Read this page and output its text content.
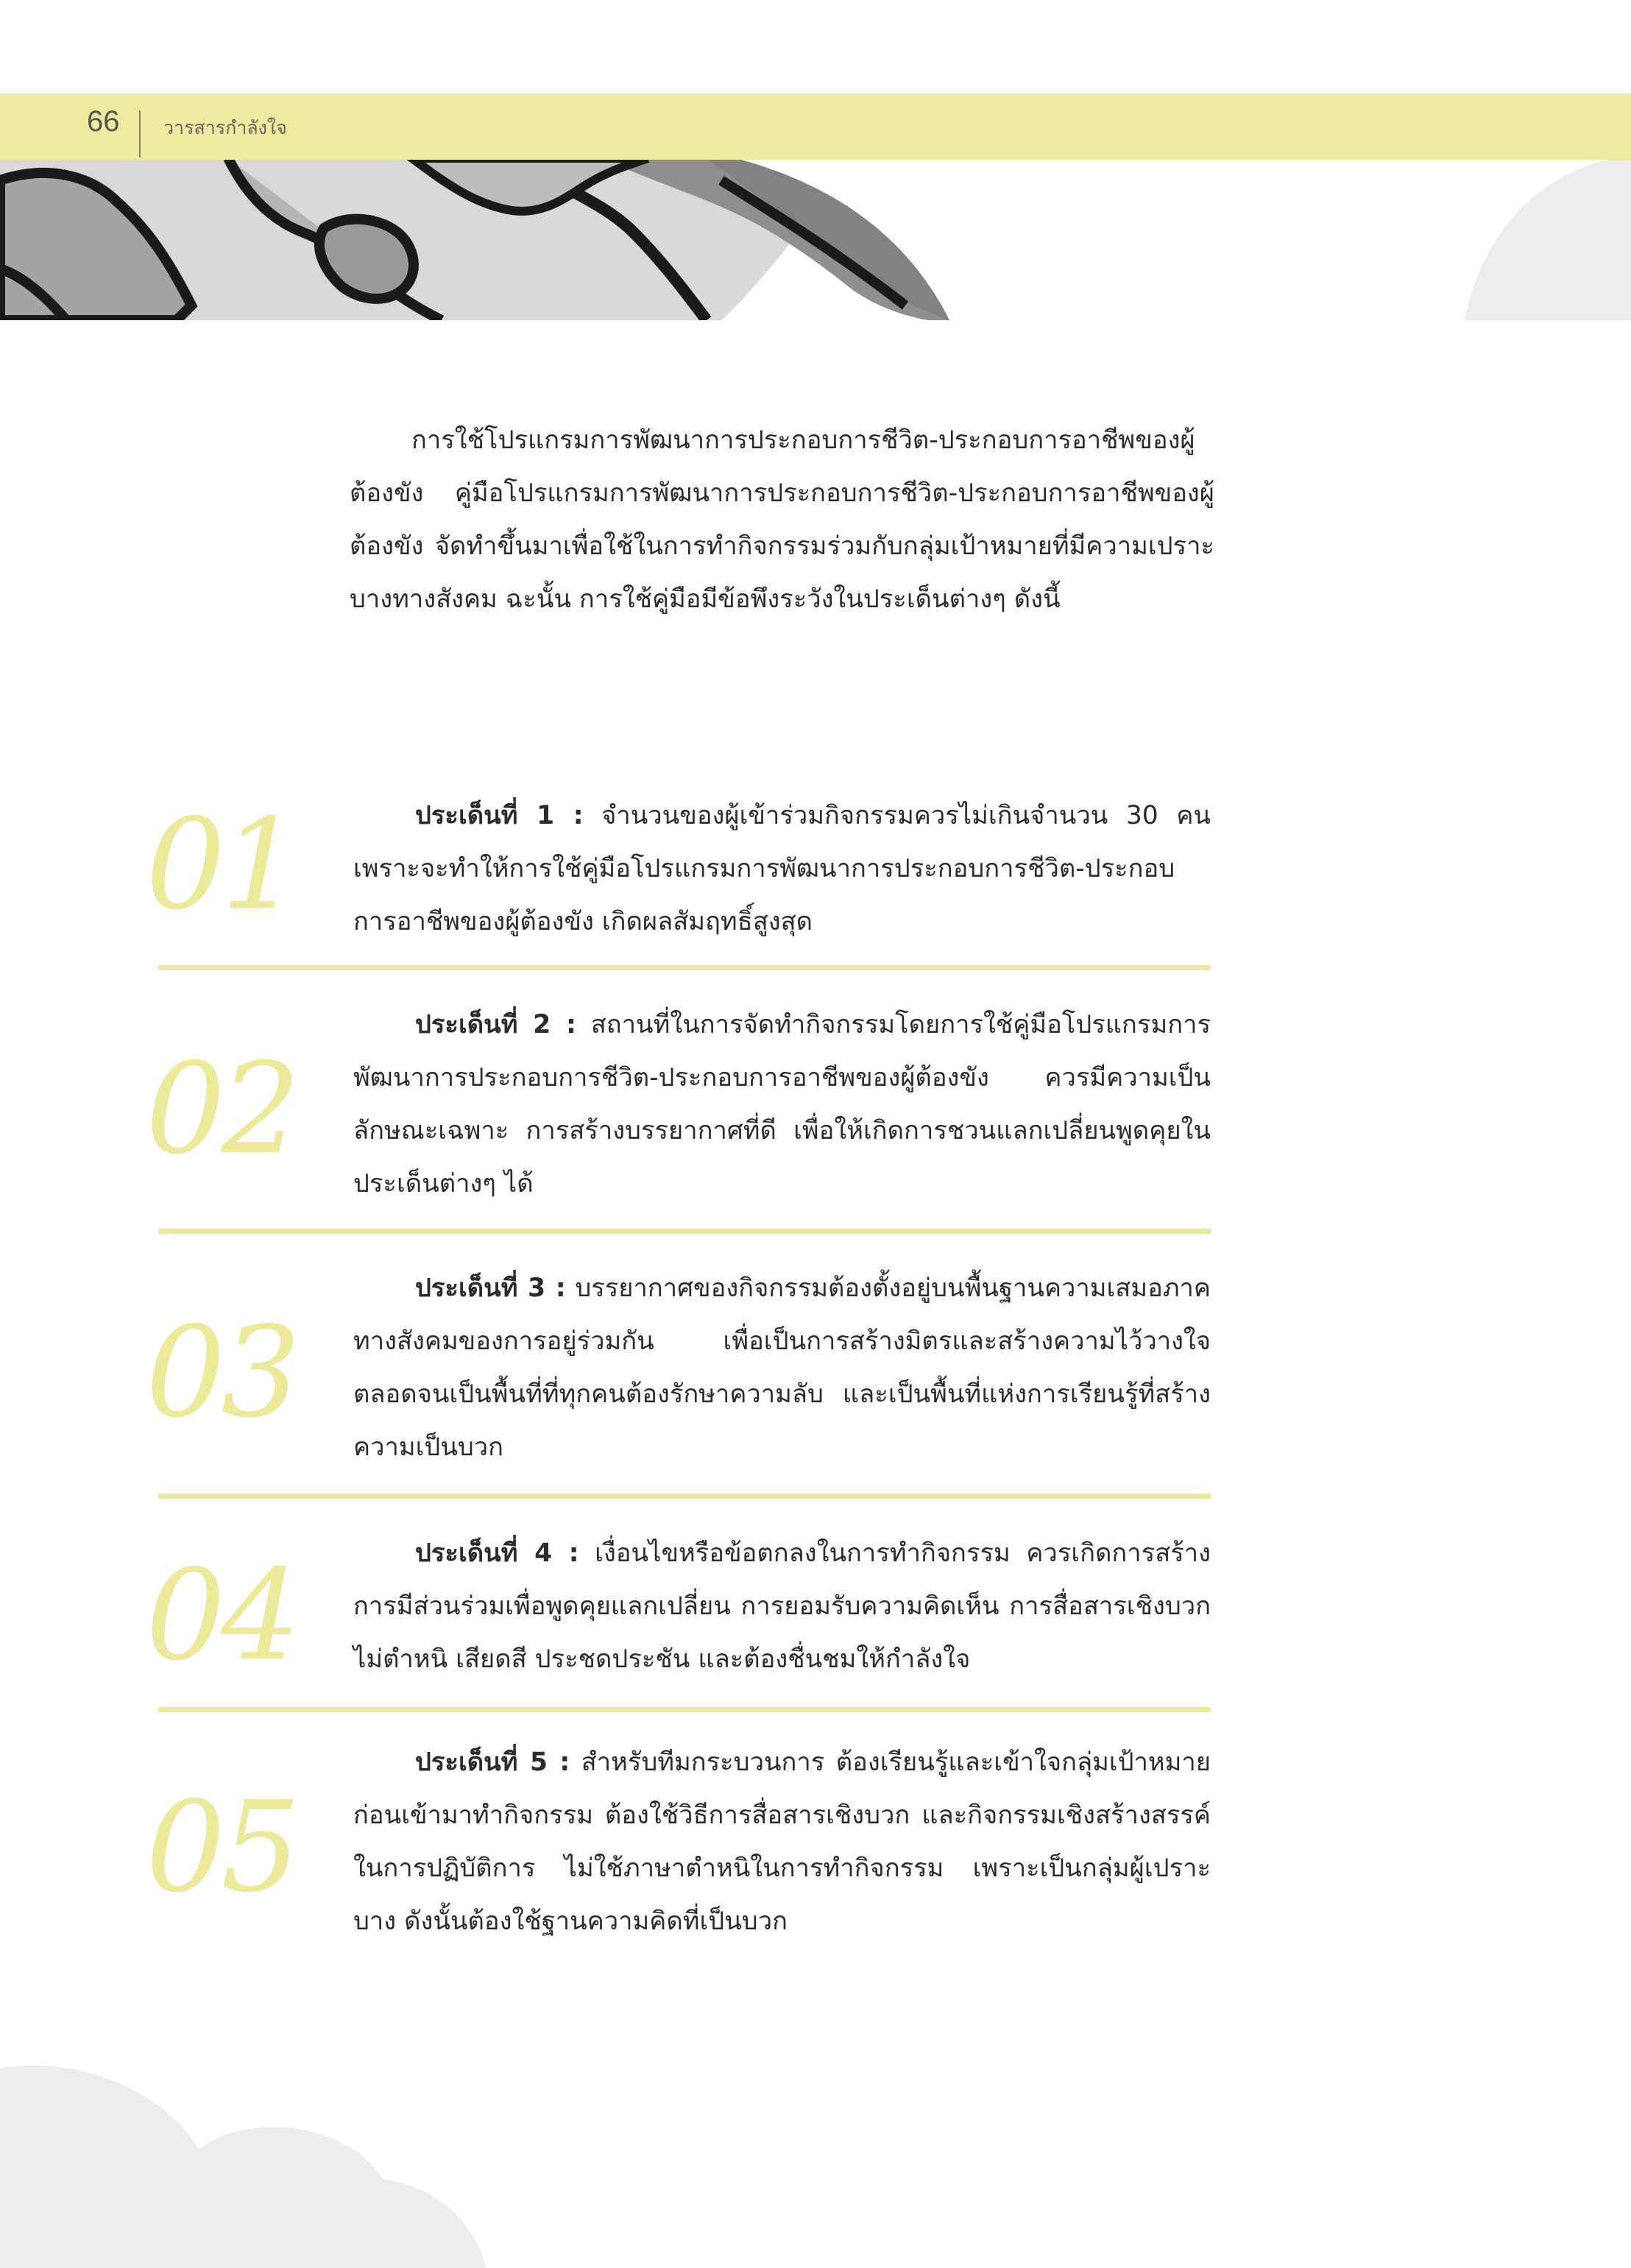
66 วารสารกำลังใจ

การใช้โปรแกรมการพัฒนาการประกอบการชีวิต-ประกอบการอาชีพของผู้ต้องขัง คู่มือโปรแกรมการพัฒนาการประกอบการชีวิต-ประกอบการอาชีพของผู้ต้องขัง จัดทำขึ้นมาเพื่อใช้ในการทำกิจกรรมร่วมกับกลุ่มเป้าหมายที่มีความเปราะบางทางสังคม ฉะนั้น การใช้คู่มือมีข้อพึงระวังในประเด็นต่างๆ ดังนี้

01	ประเด็นที่ 1 : จำนวนของผู้เข้าร่วมกิจกรรมควรไม่เกินจำนวน 30 คน เพราะจะทำให้การใช้คู่มือโปรแกรมการพัฒนาการประกอบการชีวิต-ประกอบการอาชีพของผู้ต้องขัง เกิดผลสัมฤทธิ์สูงสุด

02

ประเด็นที่ 2 : สถานที่ในการจัดทำกิจกรรมโดยการใช้คู่มือโปรแกรมการพัฒนาการประกอบการชีวิต-ประกอบการอาชีพของผู้ต้องขัง ควรมีความเป็นลักษณะเฉพาะ การสร้างบรรยากาศที่ดี เพื่อให้เกิดการชวนแลกเปลี่ยนพูดคุยในประเด็นต่างๆ ได้

03

ประเด็นที่ 3 : บรรยากาศของกิจกรรมต้องตั้งอยู่บนพื้นฐานความเสมอภาคทางสังคมของการอยู่ร่วมกัน เพื่อเป็นการสร้างมิตรและสร้างความไว้วางใจ ตลอดจนเป็นพื้นที่ที่ทุกคนต้องรักษาความลับ และเป็นพื้นที่แห่งการเรียนรู้ที่สร้างความเป็นบวก

04	ประเด็นที่ 4 : เงื่อนไขหรือข้อตกลงในการทำกิจกรรม ควรเกิดการสร้างการมีส่วนร่วมเพื่อพูดคุยแลกเปลี่ยน การยอมรับความคิดเห็น การสื่อสารเชิงบวก ไม่ตำหนิ เสียดสี ประชดประชัน และต้องชื่นชมให้กำลังใจ

05

ประเด็นที่ 5 : สำหรับทีมกระบวนการ ต้องเรียนรู้และเข้าใจกลุ่มเป้าหมายก่อนเข้ามาทำกิจกรรม ต้องใช้วิธีการสื่อสารเชิงบวก และกิจกรรมเชิงสร้างสรรค์ในการปฏิบัติการ ไม่ใช้ภาษาตำหนิในการทำกิจกรรม เพราะเป็นกลุ่มผู้เปราะบาง ดังนั้นต้องใช้ฐานความคิดที่เป็นบวก
